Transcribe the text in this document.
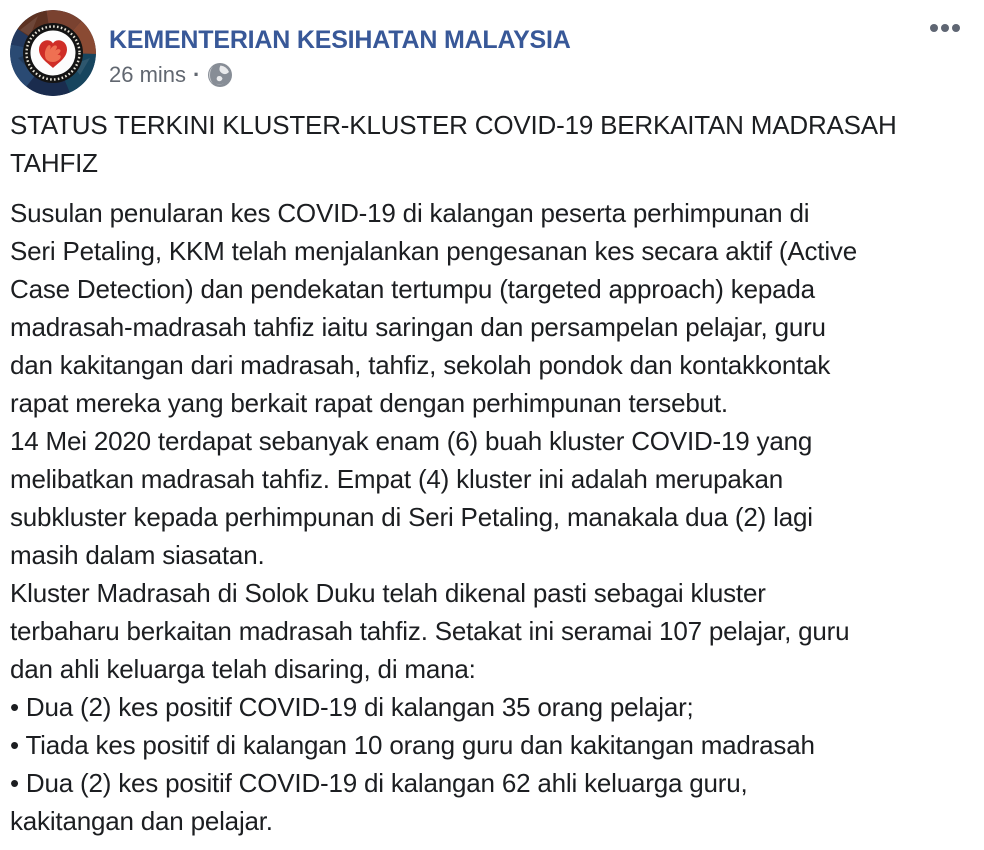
KEMENTERIAN KESIHATAN MALAYSIA
26 mins ·
STATUS TERKINI KLUSTER-KLUSTER COVID-19 BERKAITAN MADRASAH
TAHFIZ
Susulan penularan kes COVID-19 di kalangan peserta perhimpunan di
Seri Petaling, KKM telah menjalankan pengesanan kes secara aktif (Active
Case Detection) dan pendekatan tertumpu (targeted approach) kepada
madrasah-madrasah tahfiz iaitu saringan dan persampelan pelajar, guru
dan kakitangan dari madrasah, tahfiz, sekolah pondok dan kontakkontak
rapat mereka yang berkait rapat dengan perhimpunan tersebut.
14 Mei 2020 terdapat sebanyak enam (6) buah kluster COVID-19 yang
melibatkan madrasah tahfiz. Empat (4) kluster ini adalah merupakan
subkluster kepada perhimpunan di Seri Petaling, manakala dua (2) lagi
masih dalam siasatan.
Kluster Madrasah di Solok Duku telah dikenal pasti sebagai kluster
terbaharu berkaitan madrasah tahfiz. Setakat ini seramai 107 pelajar, guru
dan ahli keluarga telah disaring, di mana:
• Dua (2) kes positif COVID-19 di kalangan 35 orang pelajar;
• Tiada kes positif di kalangan 10 orang guru dan kakitangan madrasah
• Dua (2) kes positif COVID-19 di kalangan 62 ahli keluarga guru,
kakitangan dan pelajar.
